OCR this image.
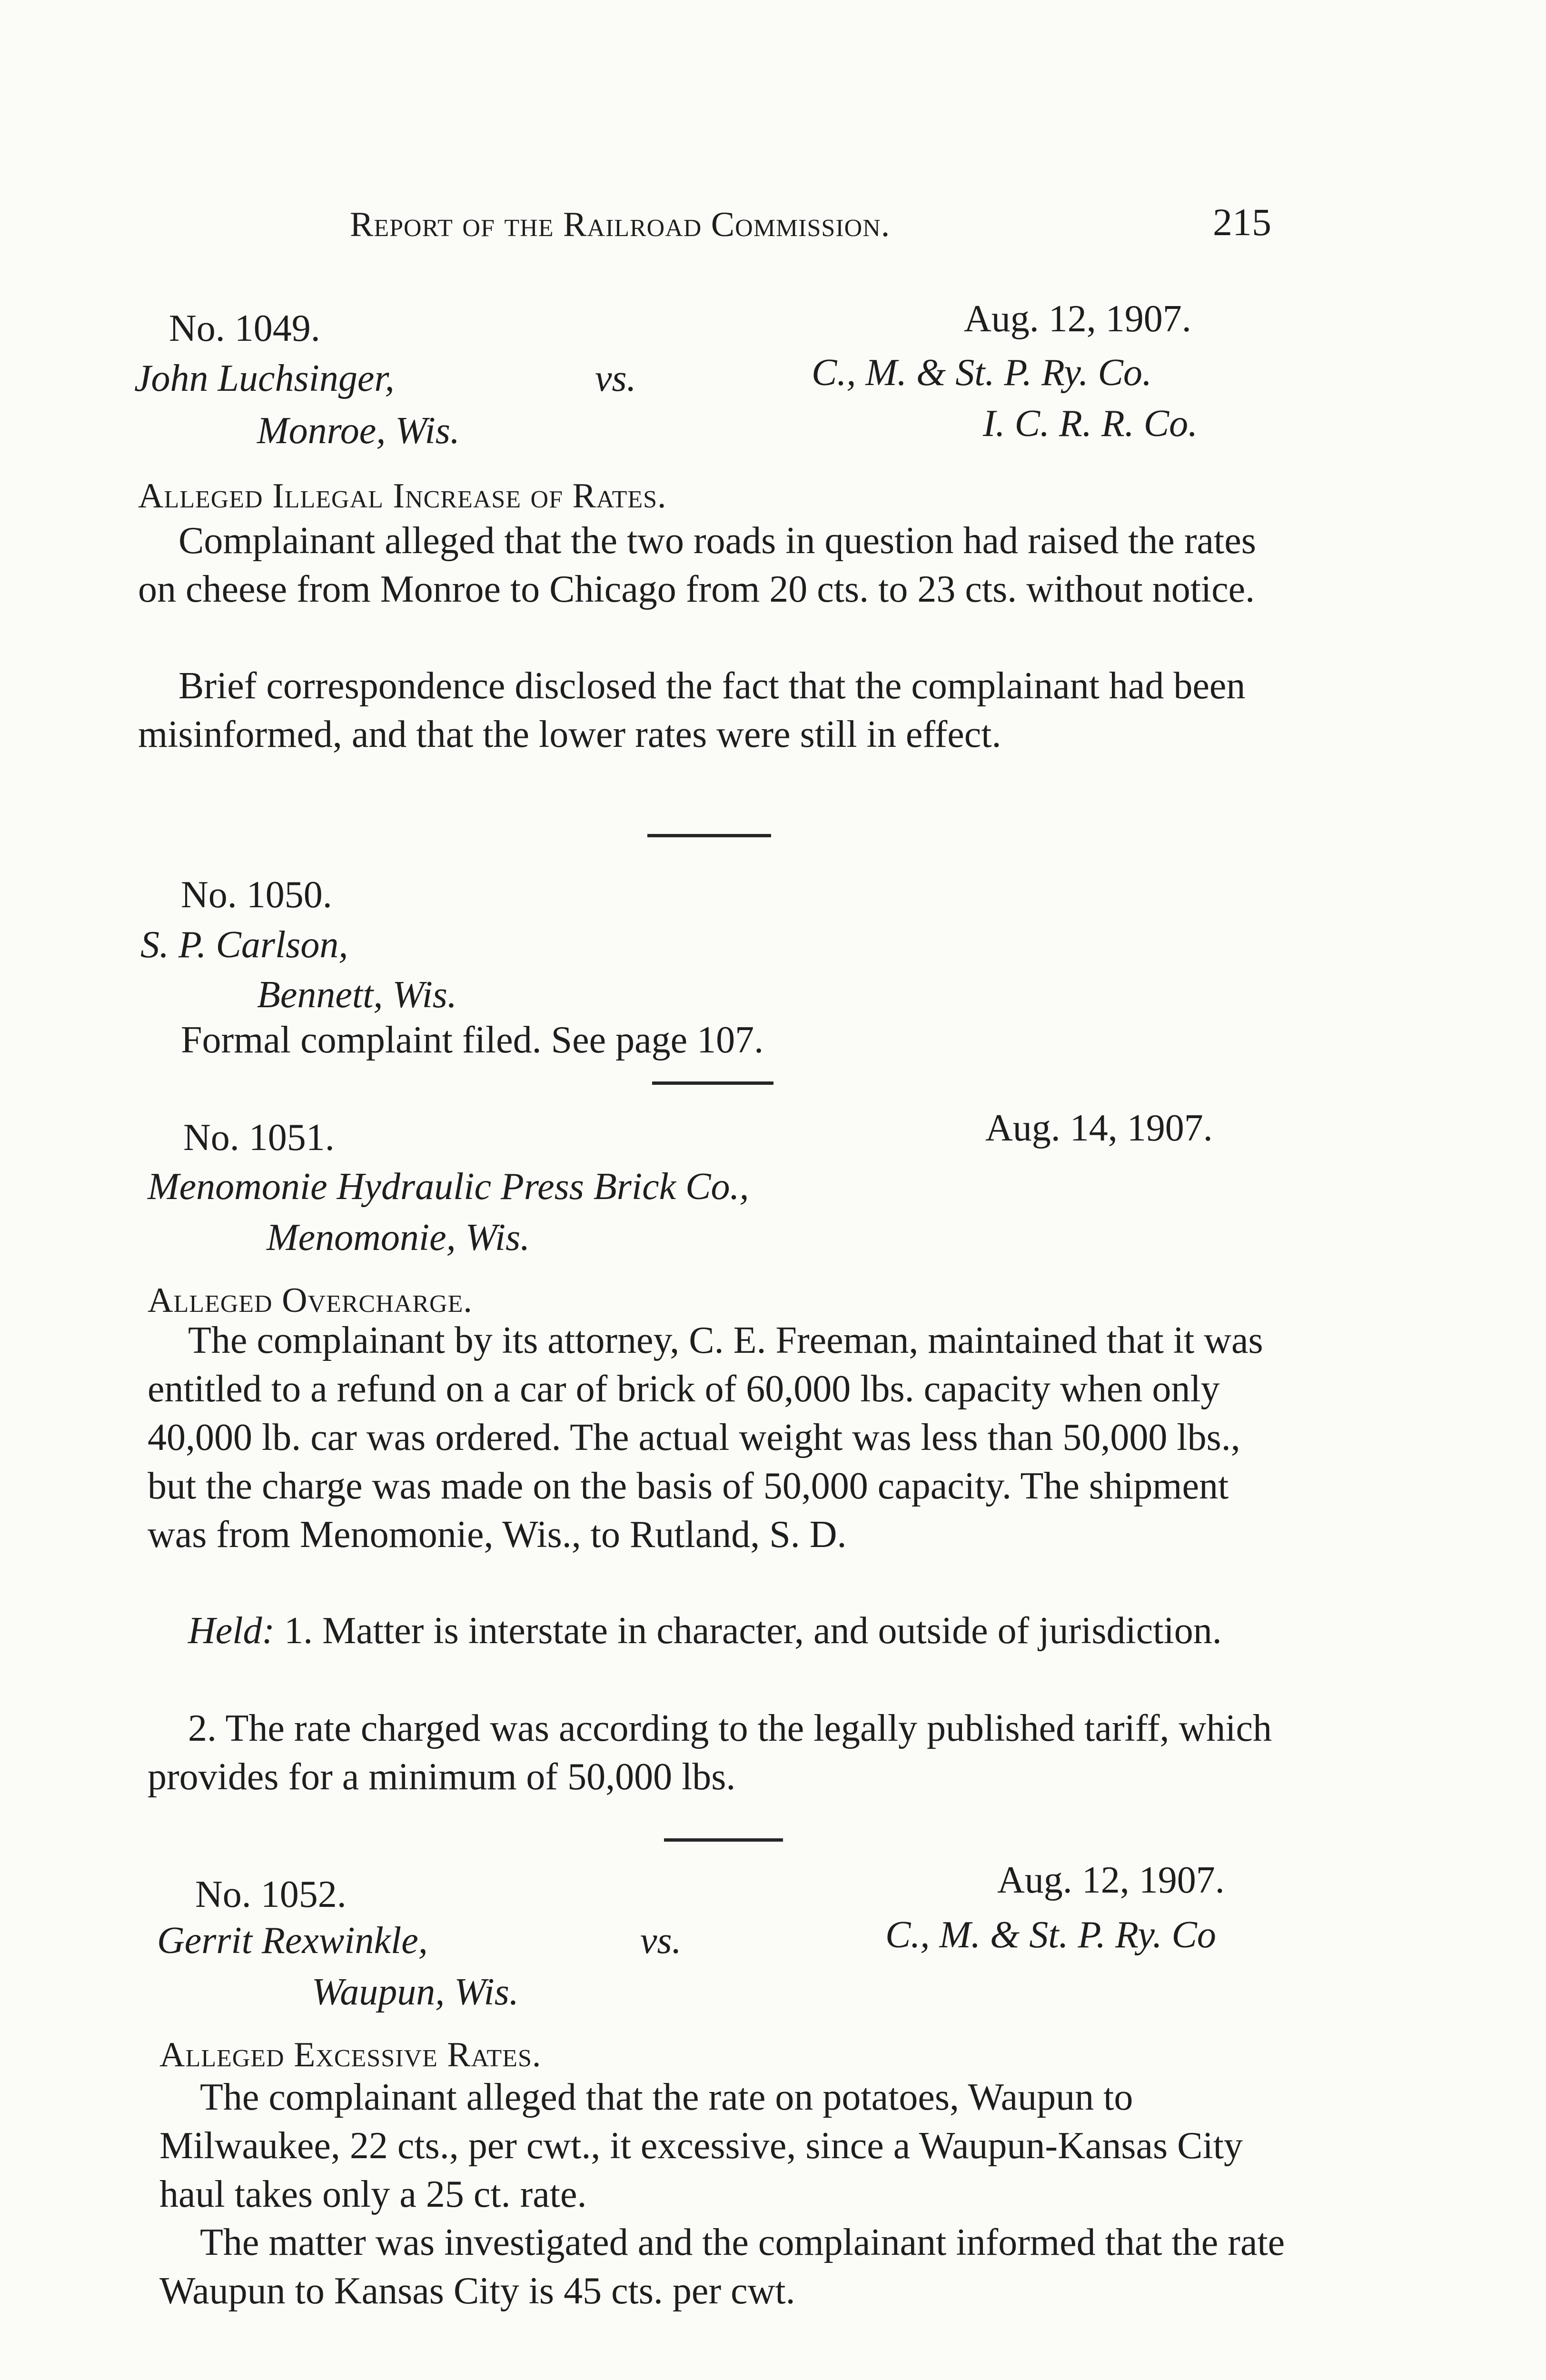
Report of the Railroad Commission.	215
No. 1049.	Aug. 12, 1907.
John Luchsinger,	vs.	C., M. & St. P. Ry. Co.
Monroe, Wis.	I. C. R. R. Co.
Alleged Illegal Increase of Rates.
Complainant alleged that the two roads in question had raised the rates on cheese from Monroe to Chicago from 20 cts. to 23 cts. without notice.
Brief correspondence disclosed the fact that the complainant had been misinformed, and that the lower rates were still in effect.
No. 1050.
S. P. Carlson,
Bennett, Wis.
Formal complaint filed. See page 107.
No. 1051.	Aug. 14, 1907.
Menomonie Hydraulic Press Brick Co.,
Menomonie, Wis.
Alleged Overcharge.
The complainant by its attorney, C. E. Freeman, maintained that it was entitled to a refund on a car of brick of 60,000 lbs. capacity when only 40,000 lb. car was ordered. The actual weight was less than 50,000 lbs., but the charge was made on the basis of 50,000 capacity. The shipment was from Menomonie, Wis., to Rutland, S. D.
Held: 1. Matter is interstate in character, and outside of jurisdiction.
2. The rate charged was according to the legally published tariff, which provides for a minimum of 50,000 lbs.
No. 1052.	Aug. 12, 1907.
Gerrit Rexwinkle,	vs.	C., M. & St. P. Ry. Co
Waupun, Wis.
Alleged Excessive Rates.
The complainant alleged that the rate on potatoes, Waupun to Milwaukee, 22 cts., per cwt., it excessive, since a Waupun-Kansas City haul takes only a 25 ct. rate.
The matter was investigated and the complainant informed that the rate Waupun to Kansas City is 45 cts. per cwt.
